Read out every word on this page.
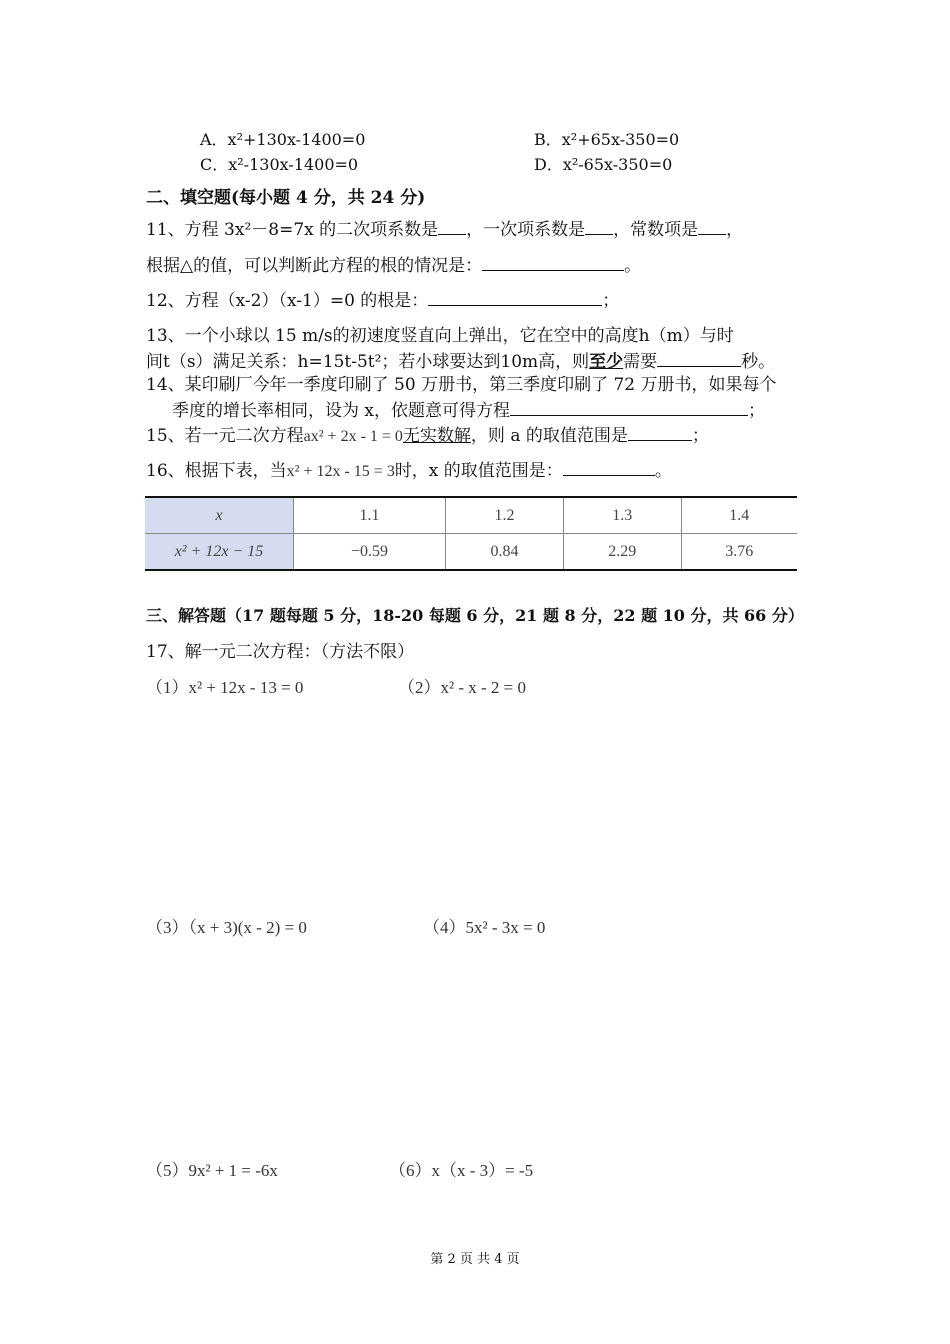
A．x²+130x-1400=0	B．x²+65x-350=0
C．x²-130x-1400=0	D．x²-65x-350=0
二、填空题(每小题 4 分，共 24 分)
11、方程 3x²－8=7x 的二次项系数是 ，一次项系数是 ，常数项是 ，
根据△的值，可以判断此方程的根的情况是：	。
12、方程（x-2）（x-1）=0 的根是：	；
13、一个小球以 15 m/s的初速度竖直向上弹出，它在空中的高度h（m）与时
间t（s）满足关系：h=15t-5t²；若小球要达到10m高，则至少需要	秒。
14、某印刷厂今年一季度印刷了 50 万册书，第三季度印刷了 72 万册书，如果每个
季度的增长率相同，设为 x，依题意可得方程	；
15、若一元二次方程ax² + 2x - 1 = 0无实数解，则 a 的取值范围是	；
16、根据下表，当x² + 12x - 15 = 3时，x 的取值范围是：	。
x	1.1	1.2	1.3	1.4
x² + 12x − 15	−0.59	0.84	2.29	3.76
三、解答题（17 题每题 5 分，18-20 每题 6 分，21 题 8 分，22 题 10 分，共 66 分）
17、解一元二次方程：（方法不限）
（1）x² + 12x - 13 = 0	（2）x² - x - 2 = 0
（3）（x + 3)(x - 2) = 0	（4）5x² - 3x = 0
（5）9x² + 1 = -6x	（6）x（x - 3）= -5
第 2 页 共 4 页
